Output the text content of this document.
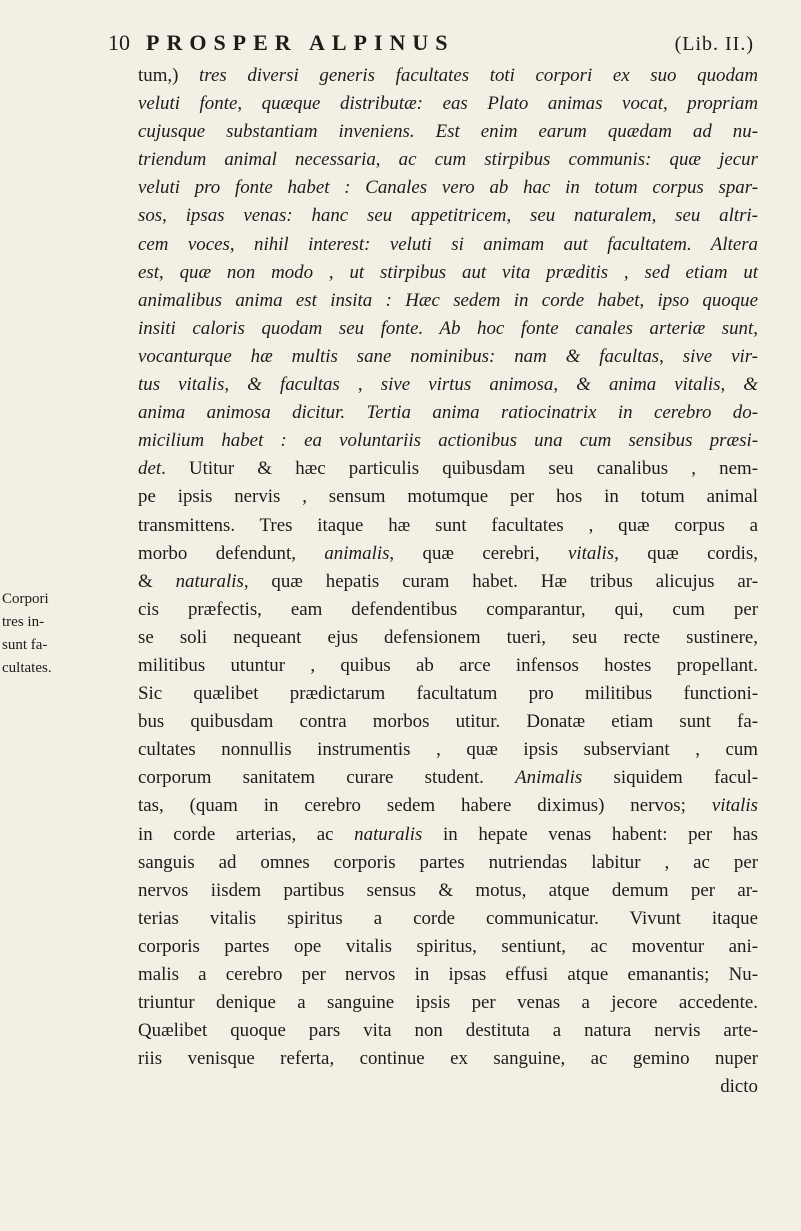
10 PROSPER ALPINUS	(Lib. II.)
Corpori
tres in-
sunt fa-
cultates.
tum,) tres diversi generis facultates toti corpori ex suo quodam
veluti fonte, quæque distributæ: eas Plato animas vocat, propriam
cujusque substantiam inveniens. Est enim earum quædam ad nu-
triendum animal necessaria, ac cum stirpibus communis: quæ jecur
veluti pro fonte habet : Canales vero ab hac in totum corpus spar-
sos, ipsas venas: hanc seu appetitricem, seu naturalem, seu altri-
cem voces, nihil interest: veluti si animam aut facultatem. Altera
est, quæ non modo , ut stirpibus aut vita præditis , sed etiam ut
animalibus anima est insita : Hæc sedem in corde habet, ipso quoque
insiti caloris quodam seu fonte. Ab hoc fonte canales arteriæ sunt,
vocanturque hæ multis sane nominibus: nam & facultas, sive vir-
tus vitalis, & facultas , sive virtus animosa, & anima vitalis, &
anima animosa dicitur. Tertia anima ratiocinatrix in cerebro do-
micilium habet : ea voluntariis actionibus una cum sensibus præsi-
det. Utitur & hæc particulis quibusdam seu canalibus , nem-
pe ipsis nervis , sensum motumque per hos in totum animal
transmittens. Tres itaque hæ sunt facultates , quæ corpus a
morbo defendunt, animalis, quæ cerebri, vitalis, quæ cordis,
& naturalis, quæ hepatis curam habet. Hæ tribus alicujus ar-
cis præfectis, eam defendentibus comparantur, qui, cum per
se soli nequeant ejus defensionem tueri, seu recte sustinere,
militibus utuntur , quibus ab arce infensos hostes propellant.
Sic quælibet prædictarum facultatum pro militibus functioni-
bus quibusdam contra morbos utitur. Donatæ etiam sunt fa-
cultates nonnullis instrumentis , quæ ipsis subserviant , cum
corporum sanitatem curare student. Animalis siquidem facul-
tas, (quam in cerebro sedem habere diximus) nervos; vitalis
in corde arterias, ac naturalis in hepate venas habent: per has
sanguis ad omnes corporis partes nutriendas labitur , ac per
nervos iisdem partibus sensus & motus, atque demum per ar-
terias vitalis spiritus a corde communicatur. Vivunt itaque
corporis partes ope vitalis spiritus, sentiunt, ac moventur ani-
malis a cerebro per nervos in ipsas effusi atque emanantis; Nu-
triuntur denique a sanguine ipsis per venas a jecore accedente.
Quælibet quoque pars vita non destituta a natura nervis arte-
riis venisque referta, continue ex sanguine, ac gemino nuper
dicto
